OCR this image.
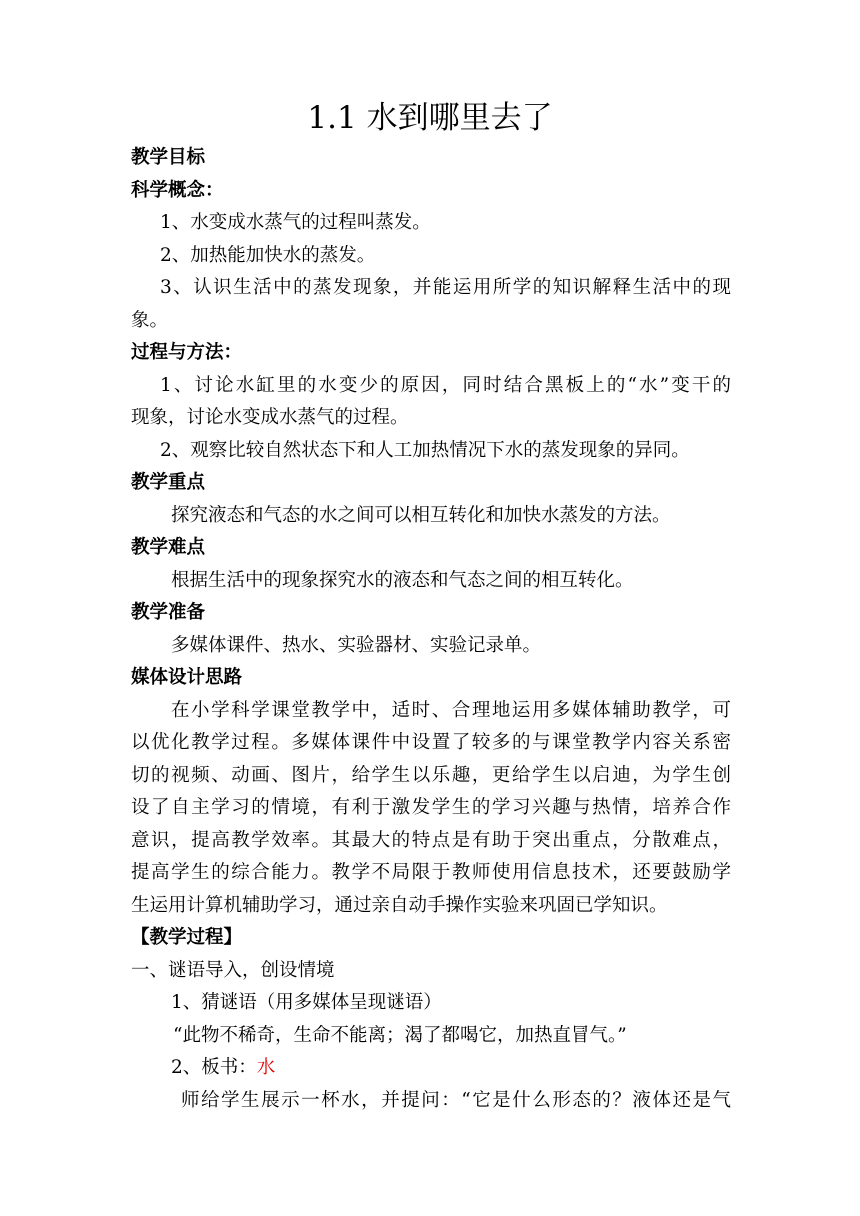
1.1 水到哪里去了

教学目标

科学概念：

1、水变成水蒸气的过程叫蒸发。

2、加热能加快水的蒸发。

3、认识生活中的蒸发现象，并能运用所学的知识解释生活中的现

象。

过程与方法：

1、讨论水缸里的水变少的原因，同时结合黑板上的“水”变干的

现象，讨论水变成水蒸气的过程。

2、观察比较自然状态下和人工加热情况下水的蒸发现象的异同。

教学重点

探究液态和气态的水之间可以相互转化和加快水蒸发的方法。

教学难点

根据生活中的现象探究水的液态和气态之间的相互转化。

教学准备

多媒体课件、热水、实验器材、实验记录单。

媒体设计思路

在小学科学课堂教学中，适时、合理地运用多媒体辅助教学，可

以优化教学过程。多媒体课件中设置了较多的与课堂教学内容关系密

切的视频、动画、图片，给学生以乐趣，更给学生以启迪，为学生创

设了自主学习的情境，有利于激发学生的学习兴趣与热情，培养合作

意识，提高教学效率。其最大的特点是有助于突出重点，分散难点，

提高学生的综合能力。教学不局限于教师使用信息技术，还要鼓励学

生运用计算机辅助学习，通过亲自动手操作实验来巩固已学知识。

【教学过程】

一、谜语导入，创设情境

1、猜谜语（用多媒体呈现谜语）

“此物不稀奇，生命不能离；渴了都喝它，加热直冒气。”

2、板书：水

师给学生展示一杯水，并提问：“它是什么形态的？液体还是气
